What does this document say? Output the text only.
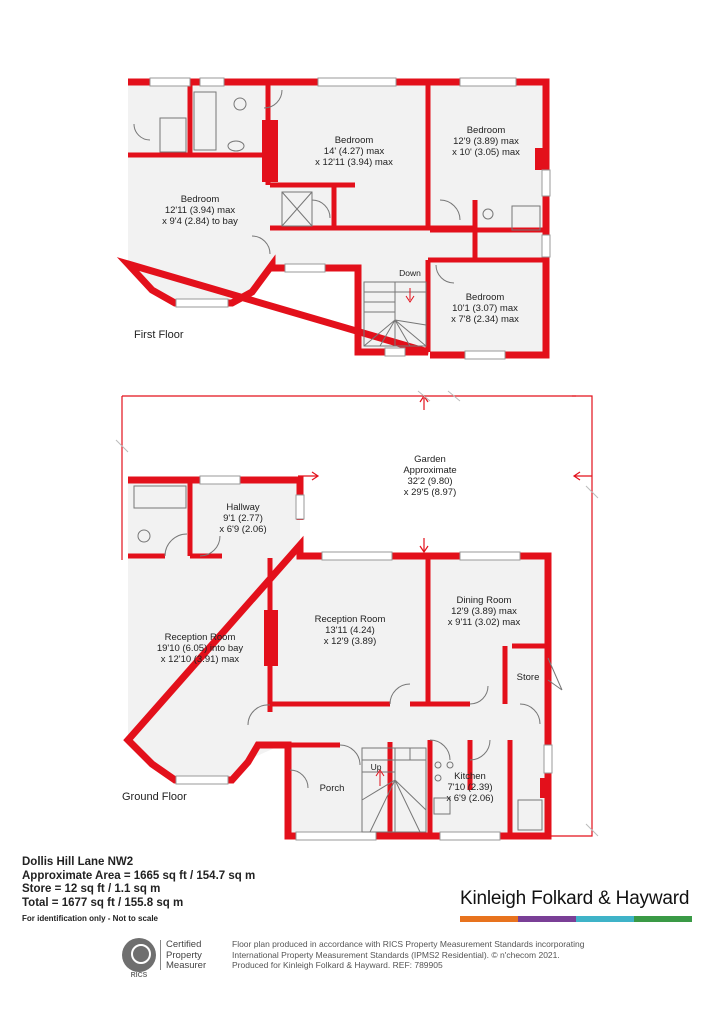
Bedroom
12'11 (3.94) max
x 9'4 (2.84) to bay
Bedroom
14' (4.27) max
x 12'11 (3.94) max
Bedroom
12'9 (3.89) max
x 10' (3.05) max
Bedroom
10'1 (3.07) max
x 7'8 (2.34) max
Down
First Floor
Garden
Approximate
32'2 (9.80)
x 29'5 (8.97)
Hallway
9'1 (2.77)
x 6'9 (2.06)
Reception Room
19'10 (6.05) into bay
x 12'10 (3.91) max
Reception Room
13'11 (4.24)
x 12'9 (3.89)
Dining Room
12'9 (3.89) max
x 9'11 (3.02) max
Store
Porch
Kitchen
7'10 (2.39)
x 6'9 (2.06)
Up
Ground Floor
Dollis Hill Lane NW2
Approximate Area = 1665 sq ft / 154.7 sq m
Store = 12 sq ft / 1.1 sq m
Total = 1677 sq ft / 155.8 sq m
For identification only - Not to scale
Kinleigh Folkard & Hayward
RICS
Certified
Property
Measurer
Floor plan produced in accordance with RICS Property Measurement Standards incorporating
International Property Measurement Standards (IPMS2 Residential). © n'checom 2021.
Produced for Kinleigh Folkard & Hayward. REF: 789905
